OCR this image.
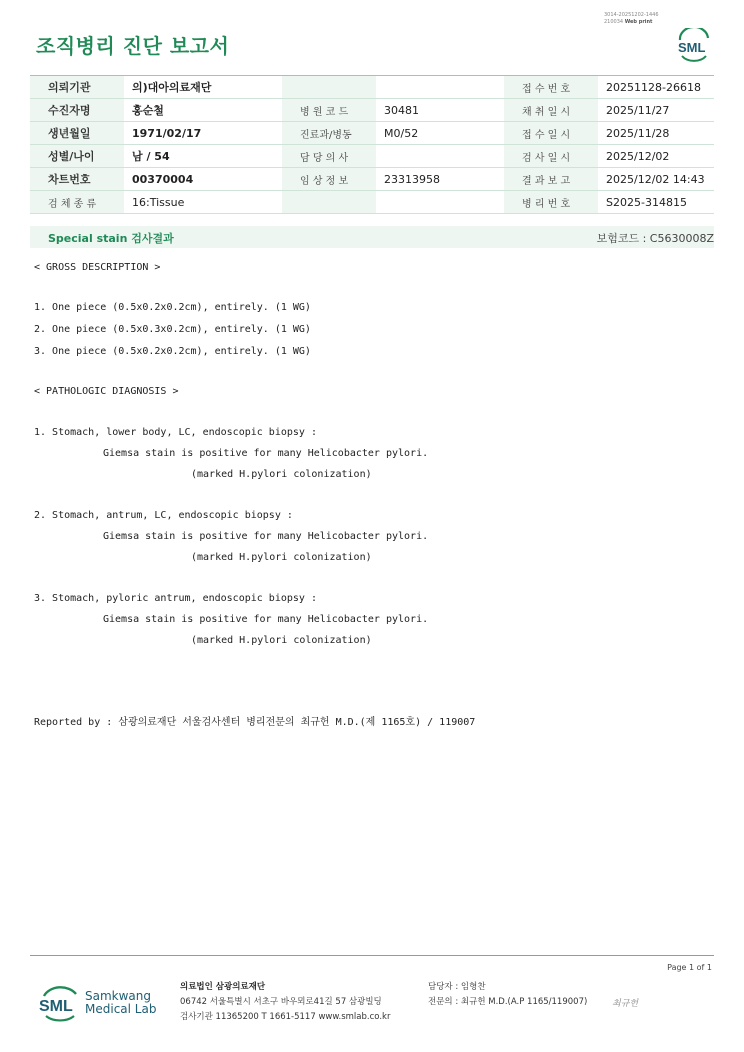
조직병리 진단 보고서
3014-20251202-1446
210034 Web print
SML
의뢰기관	의)대아의료재단			접 수 번 호	20251128-26618
수진자명	홍순철	병 원 코 드	30481	채 취 일 시	2025/11/27
생년월일	1971/02/17	진료과/병동	M0/52	접 수 일 시	2025/11/28
성별/나이	남 / 54	담 당 의 사		검 사 일 시	2025/12/02
차트번호	00370004	임 상 정 보	23313958	결 과 보 고	2025/12/02 14:43
검 체 종 류	16:Tissue			병 리 번 호	S2025-314815
Special stain 검사결과	보험코드 : C5630008Z
< GROSS DESCRIPTION >
1. One piece (0.5x0.2x0.2cm), entirely. (1 WG)
2. One piece (0.5x0.3x0.2cm), entirely. (1 WG)
3. One piece (0.5x0.2x0.2cm), entirely. (1 WG)
< PATHOLOGIC DIAGNOSIS >
1. Stomach, lower body, LC, endoscopic biopsy :
Giemsa stain is positive for many Helicobacter pylori.
(marked H.pylori colonization)
2. Stomach, antrum, LC, endoscopic biopsy :
Giemsa stain is positive for many Helicobacter pylori.
(marked H.pylori colonization)
3. Stomach, pyloric antrum, endoscopic biopsy :
Giemsa stain is positive for many Helicobacter pylori.
(marked H.pylori colonization)
Reported by : 삼광의료재단 서울검사센터 병리전문의 최규헌 M.D.(제 1165호) / 119007
Page 1 of 1
SML
Samkwang
Medical Lab
의료법인 삼광의료재단
06742 서울특별시 서초구 바우뫼로41길 57 삼광빌딩
검사기관 11365200 T 1661-5117 www.smlab.co.kr
담당자 : 임형찬
전문의 : 최규헌 M.D.(A.P 1165/119007)	최규헌
